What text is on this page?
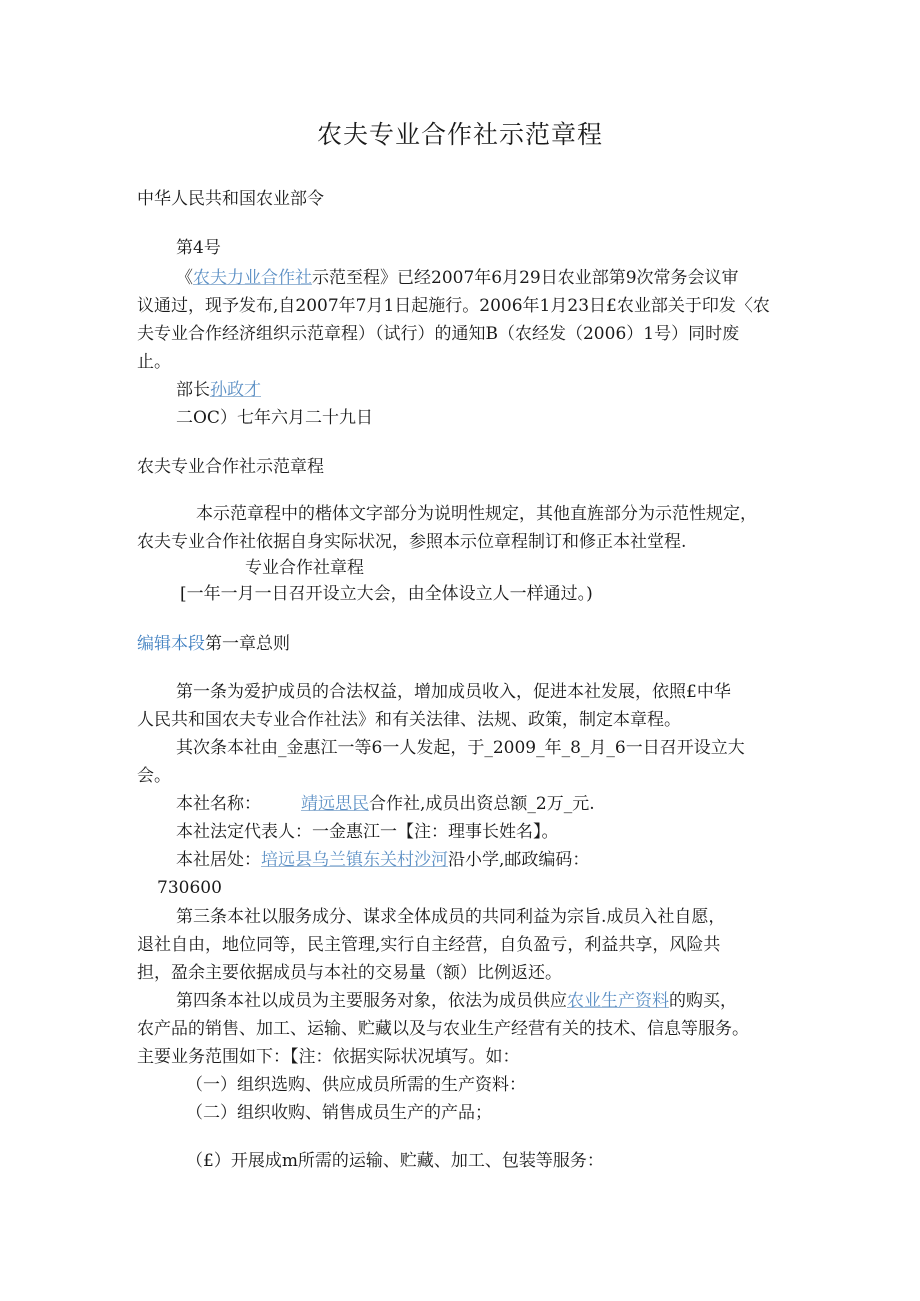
农夫专业合作社示范章程
中华人民共和国农业部令
第4号
《农夫力业合作社示范至程》已经2007年6月29日农业部第9次常务会议审
议通过，现予发布,自2007年7月1日起施行。2006年1月23日£农业部关于印发〈农
夫专业合作经济组织示范章程）（试行）的通知B（农经发（2006）1号）同时废
止。
部长孙政才
二OC）七年六月二十九日
农夫专业合作社示范章程
本示范章程中的楷体文字部分为说明性规定，其他直旌部分为示范性规定，
农夫专业合作社依据自身实际状况，参照本示位章程制订和修正本社堂程.
专业合作社章程
[一年一月一日召开设立大会，由全体设立人一样通过。)
编辑本段第一章总则
第一条为爱护成员的合法权益，增加成员收入，促进本社发展，依照£中华
人民共和国农夫专业合作社法》和有关法律、法规、政策，制定本章程。
其次条本社由_金惠江一等6一人发起，于_2009_年_8_月_6一日召开设立大
会。
本社名称： 靖远思民合作社,成员出资总额_2万_元.
本社法定代表人：一金惠江一【注：理事长姓名】。
本社居处：培远县乌兰镇东关村沙河沿小学,邮政编码：
730600
第三条本社以服务成分、谋求全体成员的共同利益为宗旨.成员入社自愿，
退社自由，地位同等，民主管理,实行自主经营，自负盈亏，利益共享，风险共
担，盈余主要依据成员与本社的交易量（额）比例返还。
第四条本社以成员为主要服务对象，依法为成员供应农业生产资料的购买，
农产品的销售、加工、运输、贮藏以及与农业生产经营有关的技术、信息等服务。
主要业务范围如下：【注：依据实际状况填写。如：
（一）组织选购、供应成员所需的生产资料：
（二）组织收购、销售成员生产的产品；
（£）开展成m所需的运输、贮藏、加工、包装等服务：
